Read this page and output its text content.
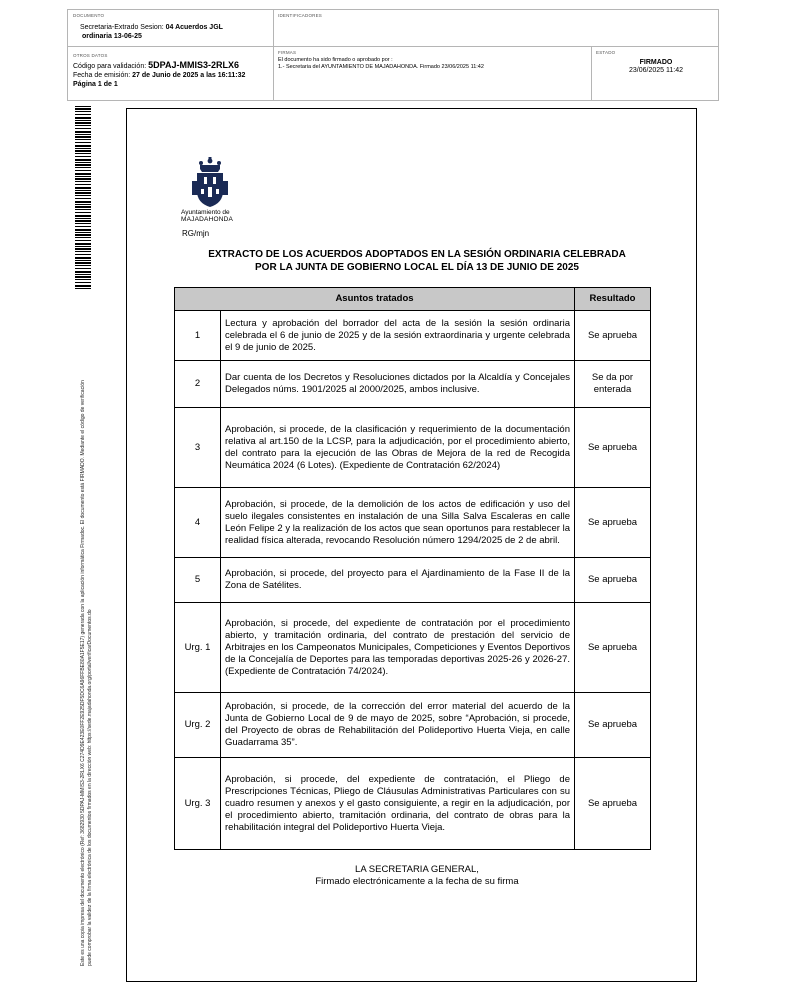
DOCUMENTO
Secretaria-Extrado Sesion: 04 Acuerdos JGL
ordinaria 13-06-25
IDENTIFICADORES
OTROS DATOS
Código para validación: 5DPAJ-MMIS3-2RLX6
Fecha de emisión: 27 de Junio de 2025 a las 16:11:32
Página 1 de 1
FIRMAS
El documento ha sido firmado o aprobado por :
1.- Secretaria del AYUNTAMIENTO DE MAJADAHONDA. Firmado 23/06/2025 11:42
ESTADO
FIRMADO
23/06/2025 11:42
Este es una copia impresa del documento electrónico (Ref: 3682930 5DPAJ-MMIS3-2RLX6 C274D9E423E0FF2E925DF5DC6A96FFBE80A1F5E17) generada con la aplicación informática Firmadoc. El documento está FIRMADO. Mediante el código de verificación puede comprobar la validez de la firma electrónica de los documentos firmados en la dirección web: https://sede.majadahonda.org/portal/verificarDocumentos.do
Ayuntamiento de
MAJADAHONDA
RG/mjn
EXTRACTO DE LOS ACUERDOS ADOPTADOS EN LA SESIÓN ORDINARIA CELEBRADA
POR LA JUNTA DE GOBIERNO LOCAL EL DÍA 13 DE JUNIO DE 2025
Asuntos tratados		Resultado
1	Lectura y aprobación del borrador del acta de la sesión la sesión ordinaria celebrada el 6 de junio de 2025 y de la sesión extraordinaria y urgente celebrada el 9 de junio de 2025.	Se aprueba
2	Dar cuenta de los Decretos y Resoluciones dictados por la Alcaldía y Concejales Delegados núms. 1901/2025 al 2000/2025, ambos inclusive.	Se da por enterada
3	Aprobación, si procede, de la clasificación y requerimiento de la documentación relativa al art.150 de la LCSP, para la adjudicación, por el procedimiento abierto, del contrato para la ejecución de las Obras de Mejora de la red de Recogida Neumática 2024 (6 Lotes). (Expediente de Contratación 62/2024)	Se aprueba
4	Aprobación, si procede, de la demolición de los actos de edificación y uso del suelo ilegales consistentes en instalación de una Silla Salva Escaleras en calle León Felipe 2 y la realización de los actos que sean oportunos para restablecer la realidad física alterada, revocando Resolución número 1294/2025 de 2 de abril.	Se aprueba
5	Aprobación, si procede, del proyecto para el Ajardinamiento de la Fase II de la Zona de Satélites.	Se aprueba
Urg. 1	Aprobación, si procede, del expediente de contratación por el procedimiento abierto, y tramitación ordinaria, del contrato de prestación del servicio de Arbitrajes en los Campeonatos Municipales, Competiciones y Eventos Deportivos de la Concejalía de Deportes para las temporadas deportivas 2025-26 y 2026-27. (Expediente de Contratación 74/2024).	Se aprueba
Urg. 2	Aprobación, si procede, de la corrección del error material del acuerdo de la Junta de Gobierno Local de 9 de mayo de 2025, sobre “Aprobación, si procede, del Proyecto de obras de Rehabilitación del Polideportivo Huerta Vieja, en calle Guadarrama 35”.	Se aprueba
Urg. 3	Aprobación, si procede, del expediente de contratación, el Pliego de Prescripciones Técnicas, Pliego de Cláusulas Administrativas Particulares con su cuadro resumen y anexos y el gasto consiguiente, a regir en la adjudicación, por el procedimiento abierto, tramitación ordinaria, del contrato de obras para la rehabilitación integral del Polideportivo Huerta Vieja.	Se aprueba
LA SECRETARIA GENERAL,
Firmado electrónicamente a la fecha de su firma
